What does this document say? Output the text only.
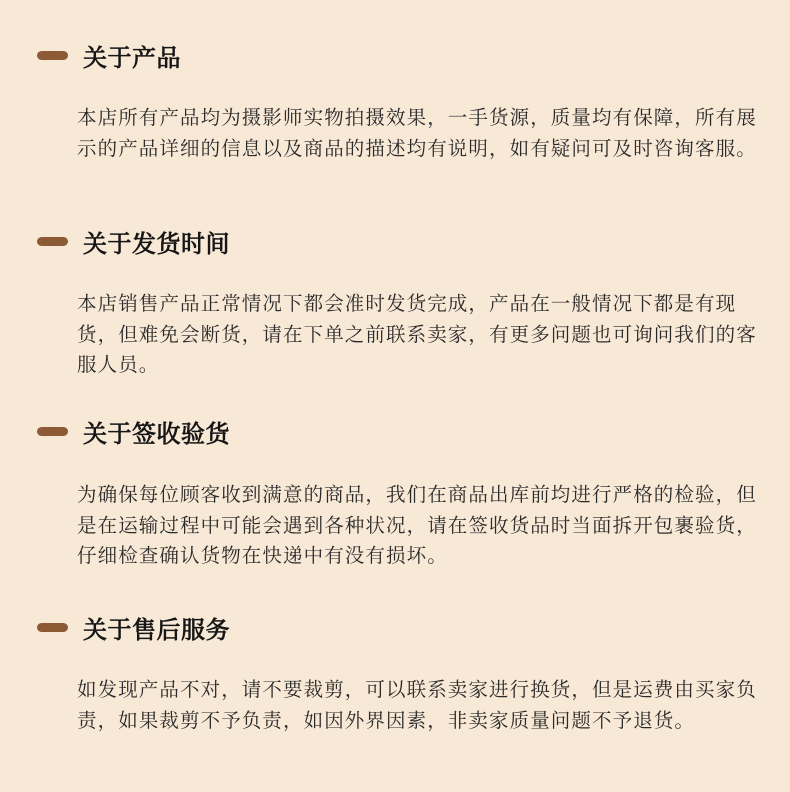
关于产品
本店所有产品均为摄影师实物拍摄效果，一手货源，质量均有保障，所有展示的产品详细的信息以及商品的描述均有说明，如有疑问可及时咨询客服。
关于发货时间
本店销售产品正常情况下都会准时发货完成，产品在一般情况下都是有现货，但难免会断货，请在下单之前联系卖家，有更多问题也可询问我们的客服人员。
关于签收验货
为确保每位顾客收到满意的商品，我们在商品出库前均进行严格的检验，但是在运输过程中可能会遇到各种状况，请在签收货品时当面拆开包裹验货，仔细检查确认货物在快递中有没有损坏。
关于售后服务
如发现产品不对，请不要裁剪，可以联系卖家进行换货，但是运费由买家负责，如果裁剪不予负责，如因外界因素，非卖家质量问题不予退货。
